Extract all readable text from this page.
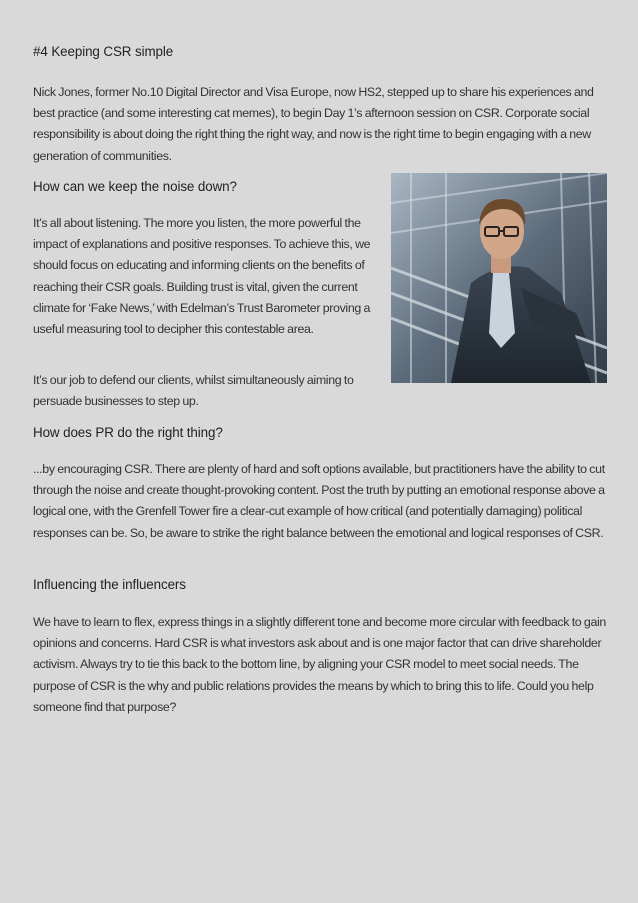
#4 Keeping CSR simple

Nick Jones, former No.10 Digital Director and Visa Europe, now HS2, stepped up to share his experiences and best practice (and some interesting cat memes), to begin Day 1’s afternoon session on CSR. Corporate social responsibility is about doing the right thing the right way, and now is the right time to begin engaging with a new generation of communities.

How can we keep the noise down?

It’s all about listening. The more you listen, the more powerful the impact of explanations and positive responses. To achieve this, we should focus on educating and informing clients on the benefits of reaching their CSR goals. Building trust is vital, given the current climate for ‘Fake News,’ with Edelman’s Trust Barometer proving a useful measuring tool to decipher this contestable area.

It’s our job to defend our clients, whilst simultaneously aiming to persuade businesses to step up.

How does PR do the right thing?

...by encouraging CSR. There are plenty of hard and soft options available, but practitioners have the ability to cut through the noise and create thought-provoking content. Post the truth by putting an emotional response above a logical one, with the Grenfell Tower fire a clear-cut example of how critical (and potentially damaging) political responses can be. So, be aware to strike the right balance between the emotional and logical responses of CSR.

Influencing the influencers

We have to learn to flex, express things in a slightly different tone and become more circular with feedback to gain opinions and concerns. Hard CSR is what investors ask about and is one major factor that can drive shareholder activism. Always try to tie this back to the bottom line, by aligning your CSR model to meet social needs. The purpose of CSR is the why and public relations provides the means by which to bring this to life. Could you help someone find that purpose?
